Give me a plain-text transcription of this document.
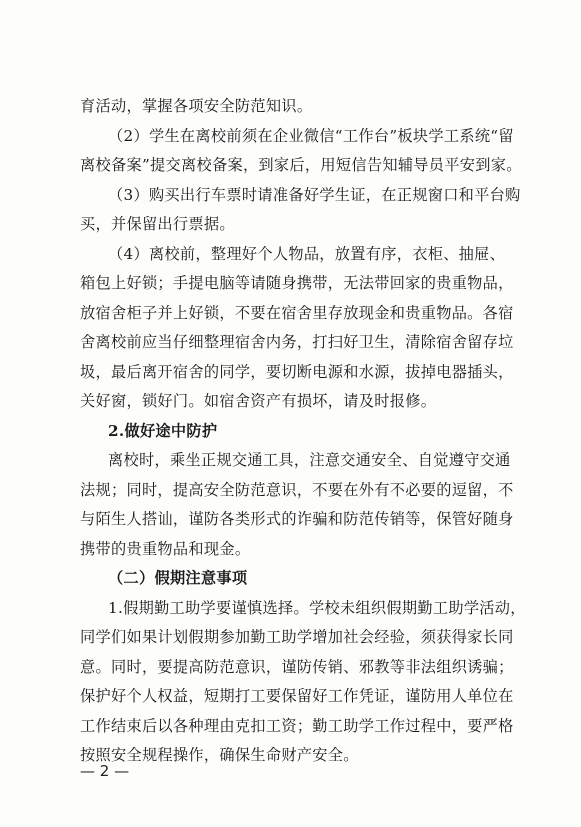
育活动，掌握各项安全防范知识。
（2）学生在离校前须在企业微信“工作台”板块学工系统“留
离校备案”提交离校备案，到家后，用短信告知辅导员平安到家。
（3）购买出行车票时请准备好学生证，在正规窗口和平台购
买，并保留出行票据。
（4）离校前，整理好个人物品，放置有序，衣柜、抽屉、
箱包上好锁；手提电脑等请随身携带，无法带回家的贵重物品，
放宿舍柜子并上好锁，不要在宿舍里存放现金和贵重物品。各宿
舍离校前应当仔细整理宿舍内务，打扫好卫生，清除宿舍留存垃
圾，最后离开宿舍的同学，要切断电源和水源，拔掉电器插头，
关好窗，锁好门。如宿舍资产有损坏，请及时报修。
2.做好途中防护
离校时，乘坐正规交通工具，注意交通安全、自觉遵守交通
法规；同时，提高安全防范意识，不要在外有不必要的逗留，不
与陌生人搭讪，谨防各类形式的诈骗和防范传销等，保管好随身
携带的贵重物品和现金。
（二）假期注意事项
1.假期勤工助学要谨慎选择。学校未组织假期勤工助学活动，
同学们如果计划假期参加勤工助学增加社会经验，须获得家长同
意。同时，要提高防范意识，谨防传销、邪教等非法组织诱骗；
保护好个人权益，短期打工要保留好工作凭证，谨防用人单位在
工作结束后以各种理由克扣工资；勤工助学工作过程中，要严格
按照安全规程操作，确保生命财产安全。
— 2 —
